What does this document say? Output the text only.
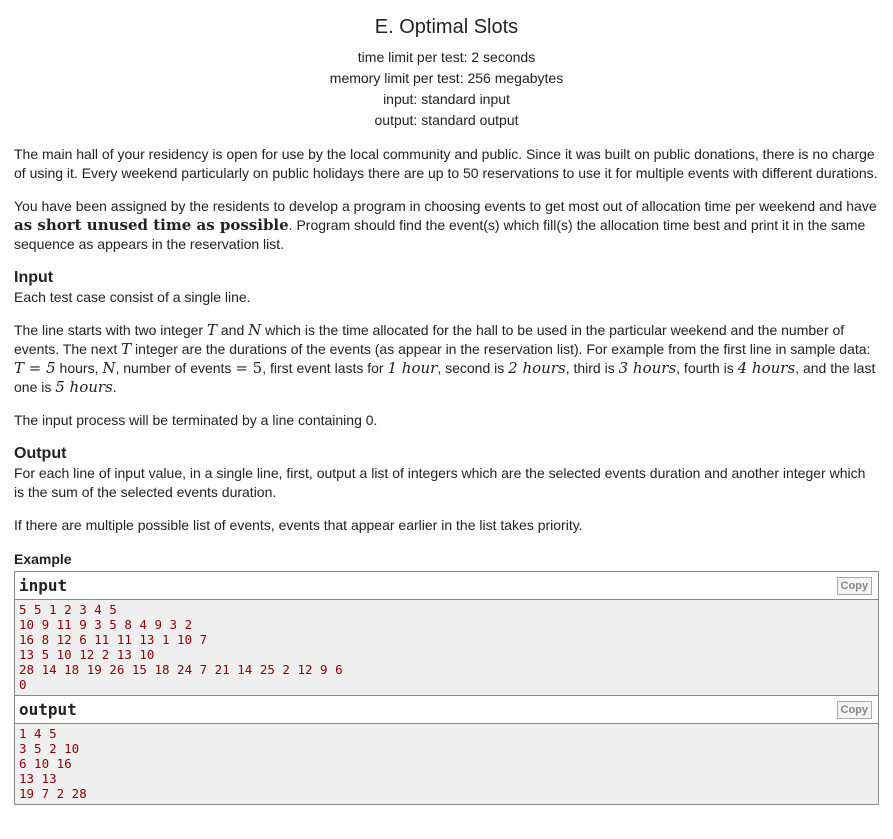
E. Optimal Slots
time limit per test: 2 seconds
memory limit per test: 256 megabytes
input: standard input
output: standard output

The main hall of your residency is open for use by the local community and public. Since it was built on public donations, there is no charge of using it. Every weekend particularly on public holidays there are up to 50 reservations to use it for multiple events with different durations.

You have been assigned by the residents to develop a program in choosing events to get most out of allocation time per weekend and have as short unused time as possible. Program should find the event(s) which fill(s) the allocation time best and print it in the same sequence as appears in the reservation list.

Input

Each test case consist of a single line.

The line starts with two integer T and N which is the time allocated for the hall to be used in the particular weekend and the number of events. The next T integer are the durations of the events (as appear in the reservation list). For example from the first line in sample data: T = 5 hours, N, number of events = 5, first event lasts for 1 hour, second is 2 hours, third is 3 hours, fourth is 4 hours, and the last one is 5 hours.

The input process will be terminated by a line containing 0.

Output

For each line of input value, in a single line, first, output a list of integers which are the selected events duration and another integer which is the sum of the selected events duration.

If there are multiple possible list of events, events that appear earlier in the list takes priority.

Example
input	Copy
5 5 1 2 3 4 5
10 9 11 9 3 5 8 4 9 3 2
16 8 12 6 11 11 13 1 10 7
13 5 10 12 2 13 10
28 14 18 19 26 15 18 24 7 21 14 25 2 12 9 6
0
output	Copy
1 4 5
3 5 2 10
6 10 16
13 13
19 7 2 28
